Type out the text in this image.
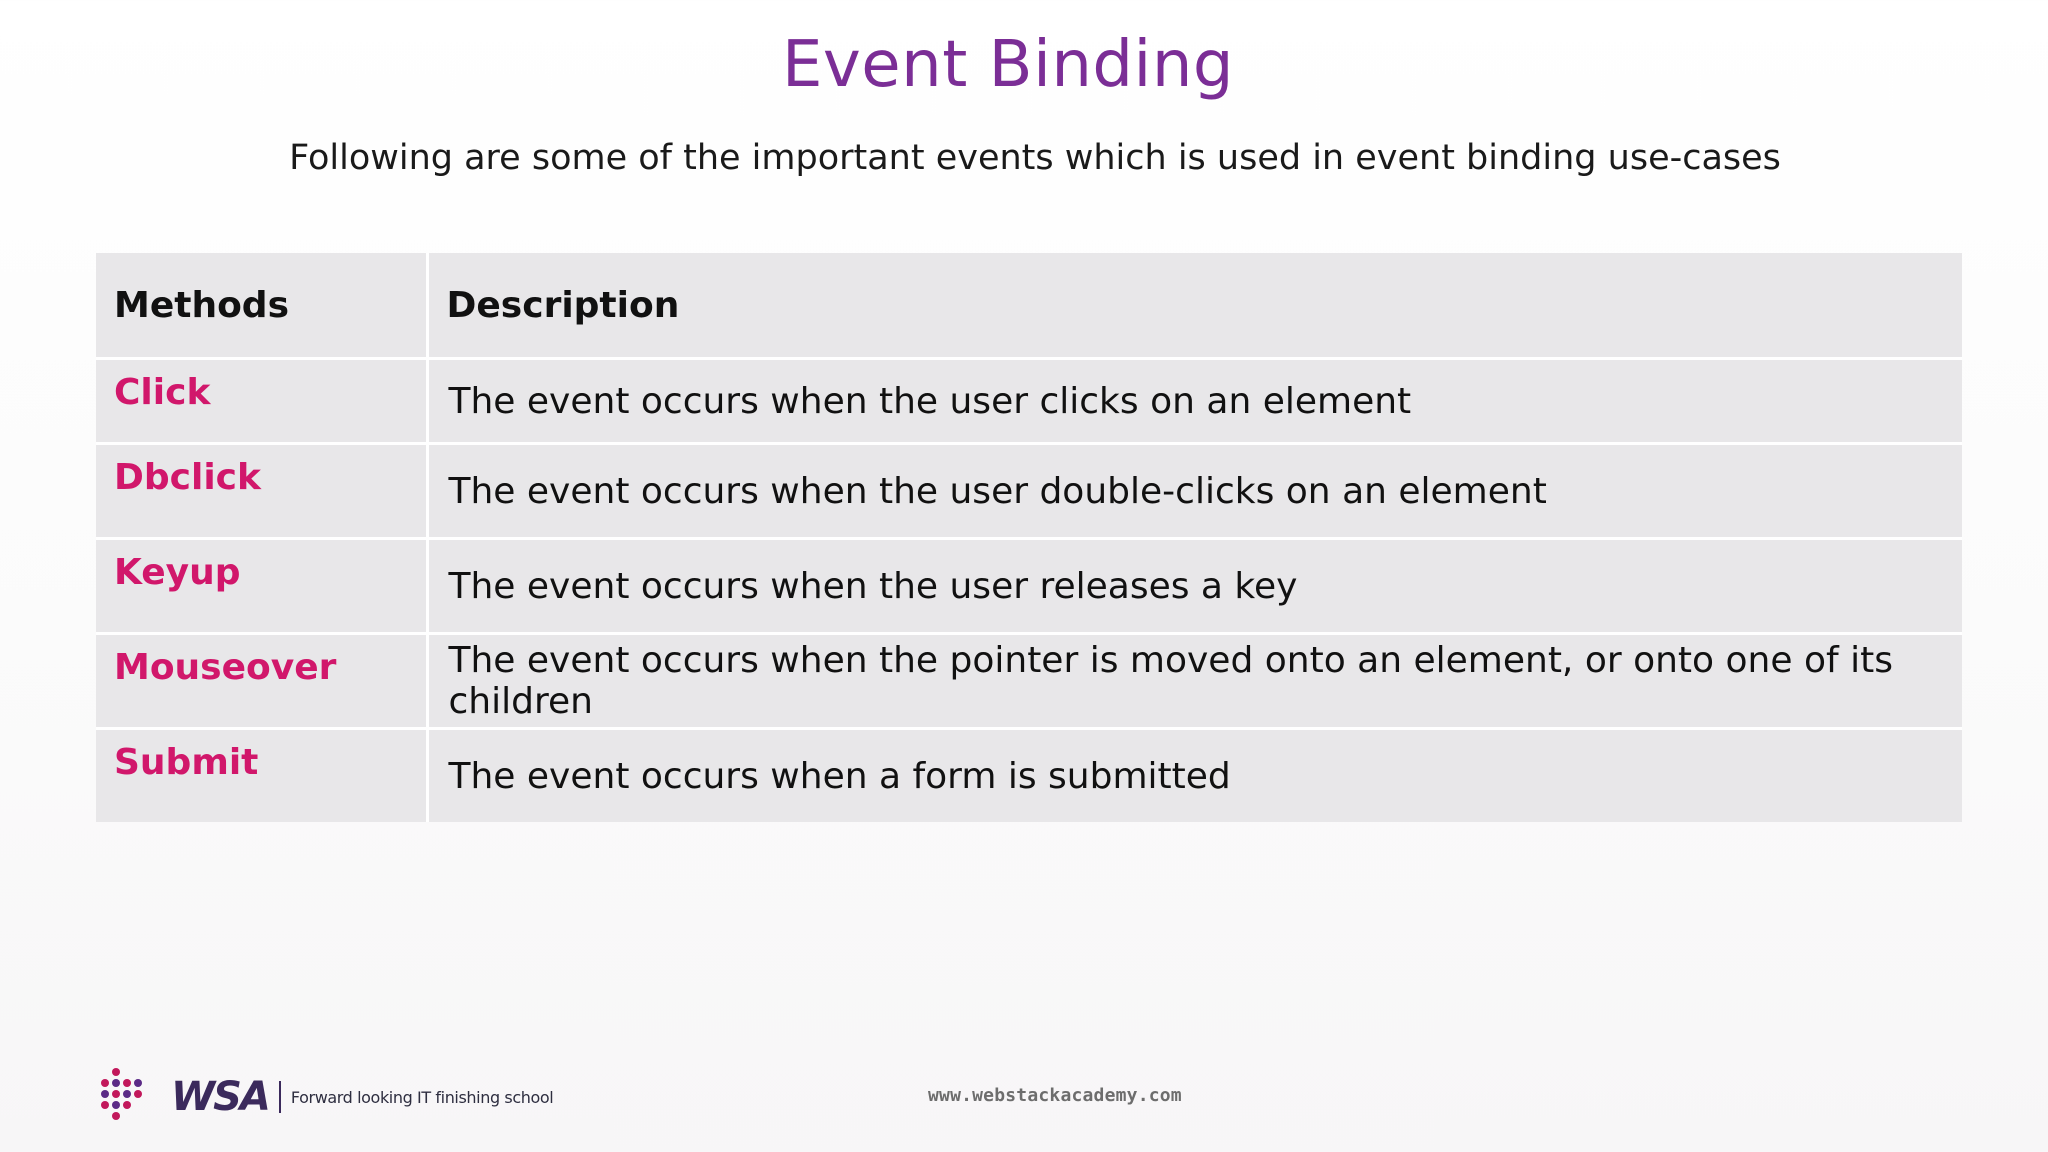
Event Binding
Following are some of the important events which is used in event binding use-cases
Methods	Description
Click	The event occurs when the user clicks on an element
Dbclick	The event occurs when the user double-clicks on an element
Keyup	The event occurs when the user releases a key
Mouseover	The event occurs when the pointer is moved onto an element, or onto one of its children
Submit	The event occurs when a form is submitted
WSA Forward looking IT finishing school	www.webstackacademy.com
